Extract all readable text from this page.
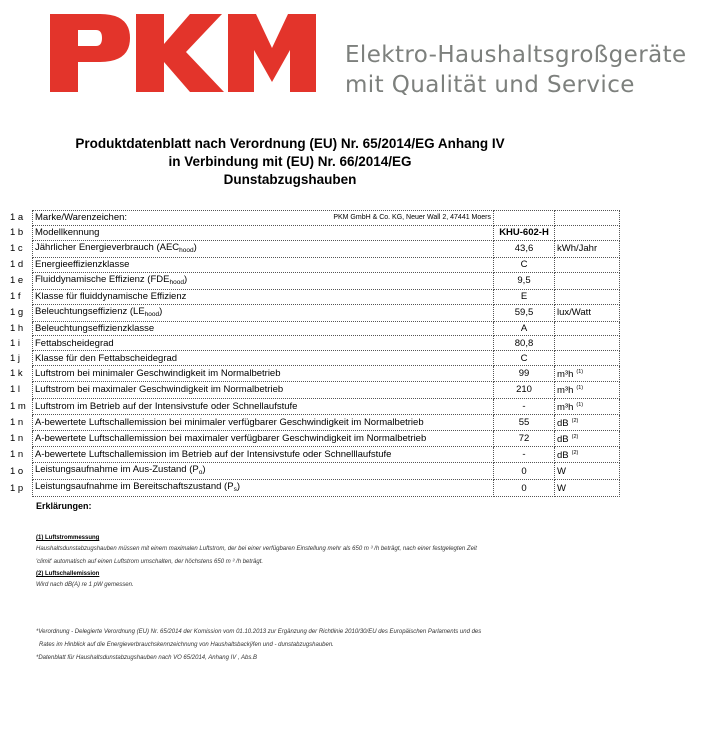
Elektro-Haushaltsgroßgeräte
mit Qualität und Service
Produktdatenblatt nach Verordnung (EU) Nr. 65/2014/EG Anhang IV
in Verbindung mit (EU) Nr. 66/2014/EG
Dunstabzugshauben
1 a	Marke/Warenzeichen: PKM GmbH & Co. KG, Neuer Wall 2, 47441 Moers		

1 b	Modellkennung	KHU-602-H	
1 c	Jährlicher Energieverbrauch $(AEC_{hood})$	43,6	kWh/Jahr
1 d	Energieeffizienzklasse	C	
1 e	Fluiddynamische Effizienz $(FDE_{hood})$	9,5	
1 f	Klasse für fluiddynamische Effizienz	E	
1 g	Beleuchtungseffizienz $(LE_{hood})$	59,5	lux/Watt
1 h	Beleuchtungseffizienzklasse	A	
1 i	Fettabscheidegrad	80,8	
1 j	Klasse für den Fettabscheidegrad	C	
1 k	Luftstrom bei minimaler Geschwindigkeit im Normalbetrieb	99	m³h $^{(1)}$
1 l	Luftstrom bei maximaler Geschwindigkeit im Normalbetrieb	210	m³h $^{(1)}$
1 m	Luftstrom im Betrieb auf der Intensivstufe oder Schnellaufstufe	-	m³h $^{(1)}$
1 n	A-bewertete Luftschallemission bei minimaler verfügbarer Geschwindigkeit im Normalbetrieb	55	dB $^{(2)}$
1 n	A-bewertete Luftschallemission bei maximaler verfügbarer Geschwindigkeit im Normalbetrieb	72	dB $^{(2)}$
1 n	A-bewertete Luftschallemission im Betrieb auf der Intensivstufe oder Schnelllaufstufe	-	dB $^{(2)}$
1 o	Leistungsaufnahme im Aus-Zustand $(P_o)$	0	W
1 p	Leistungsaufnahme im Bereitschaftszustand $(P_s)$	0	W
Erklärungen:

(1) Luftstrommessung

Haushaltsdunstabzugshauben müssen mit einem maximalen Luftstrom, der bei einer verfügbaren Einstellung mehr als 650 m ³ /h beträgt, nach einer festgelegten Zeit

'climit' automatisch auf einen Luftstrom umschalten, der höchstens 650 m ³ /h beträgt.

(2) Luftschallemission

Wird nach dB(A) re 1 pW gemessen.

*Verordnung - Delegierte Verordnung (EU) Nr. 65/2014 der Komission vom 01.10.2013 zur Ergänzung der Richtlinie 2010/30/EU des Europäischen Parlaments und des

Rates im Hinblick auf die Energieverbrauchskennzeichnung von Haushaltsbackÿfen und - dunstabzugshauben.

*Datenblatt für Haushaltsdunstabzugshauben nach VO 65/2014, Anhang IV , Abs.B
